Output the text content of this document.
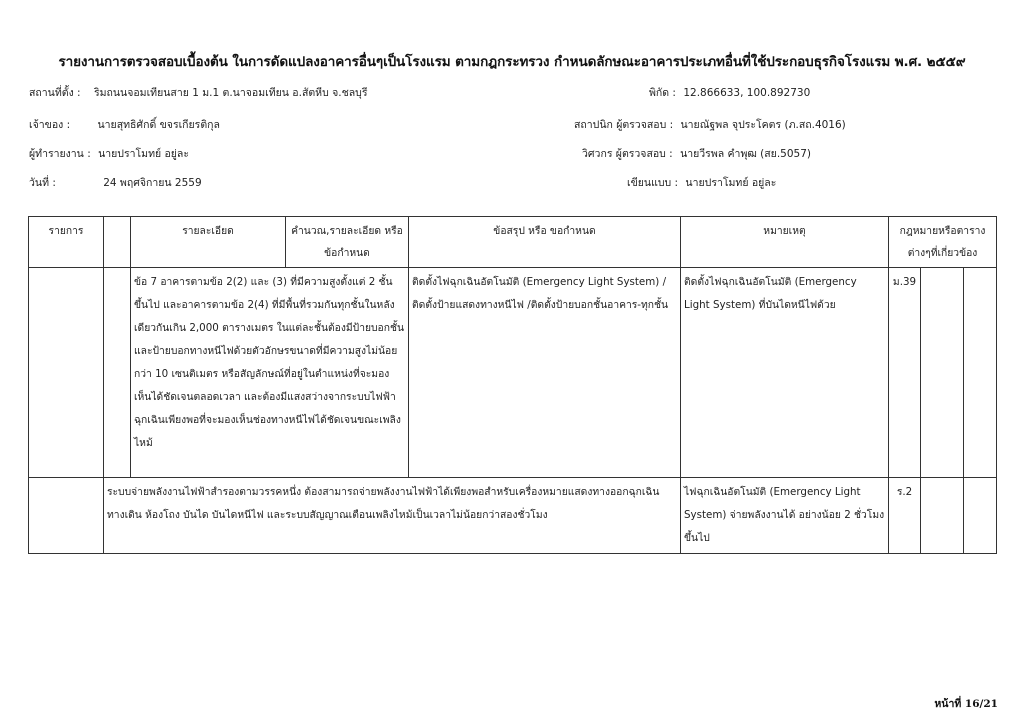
รายงานการตรวจสอบเบื้องต้น ในการดัดแปลงอาคารอื่นๆเป็นโรงแรม ตามกฎกระทรวง กำหนดลักษณะอาคารประเภทอื่นที่ใช้ประกอบธุรกิจโรงแรม พ.ศ. ๒๕๕๙
สถานที่ตั้ง : ริมถนนจอมเทียนสาย 1 ม.1 ต.นาจอมเทียน อ.สัตหีบ จ.ชลบุรี	พิกัด : 12.866633, 100.892730
เจ้าของ :	นายสุทธิศักดิ์ ขจรเกียรติกุล	สถาปนิก ผู้ตรวจสอบ : นายณัฐพล จุประโคตร (ภ.สถ.4016)
ผู้ทำรายงาน : นายปราโมทย์ อยู่ละ	วิศวกร ผู้ตรวจสอบ : นายวีรพล คำพุฒ (สย.5057)
วันที่ :	24 พฤศจิกายน 2559	เขียนแบบ : นายปราโมทย์ อยู่ละ
รายการ		รายละเอียด	คำนวณ,รายละเอียด หรือ ข้อกำหนด	ข้อสรุป หรือ ขอกำหนด	หมายเหตุ	กฎหมายหรือตาราง ต่างๆที่เกี่ยวข้อง		
		ข้อ 7 อาคารตามข้อ 2(2) และ (3) ที่มีความสูงตั้งแต่ 2 ชั้นขึ้นไป และอาคารตามข้อ 2(4) ที่มีพื้นที่รวมกันทุกชั้นในหลังเดียวกันเกิน 2,000 ตารางเมตร ในแต่ละชั้นต้องมีป้ายบอกชั้นและป้ายบอกทางหนีไฟด้วยตัวอักษรขนาดที่มีความสูงไม่น้อยกว่า 10 เซนติเมตร หรือสัญลักษณ์ที่อยู่ในตำแหน่งที่จะมองเห็นได้ชัดเจนตลอดเวลา และต้องมีแสงสว่างจากระบบไฟฟ้าฉุกเฉินเพียงพอที่จะมองเห็นช่องทางหนีไฟได้ชัดเจนขณะเพลิงไหม้		ติดตั้งไฟฉุกเฉินอัตโนมัติ (Emergency Light System) / ติดตั้งป้ายแสดงทางหนีไฟ /ติดตั้งป้ายบอกชั้นอาคาร-ทุกชั้น	ติดตั้งไฟฉุกเฉินอัตโนมัติ (Emergency Light System) ที่บันไดหนีไฟด้วย	ม.39		
	ระบบจ่ายพลังงานไฟฟ้าสำรองตามวรรคหนึ่ง ต้องสามารถจ่ายพลังงานไฟฟ้าได้เพียงพอสำหรับเครื่องหมายแสดงทางออกฉุกเฉิน ทางเดิน ห้องโถง บันได บันไดหนีไฟ และระบบสัญญาณเตือนเพลิงไหม้เป็นเวลาไม่น้อยกว่าสองชั่วโมง				ไฟฉุกเฉินอัตโนมัติ (Emergency Light System) จ่ายพลังงานได้ อย่างน้อย 2 ชั่วโมงขึ้นไป	ร.2		
หน้าที่ 16/21
